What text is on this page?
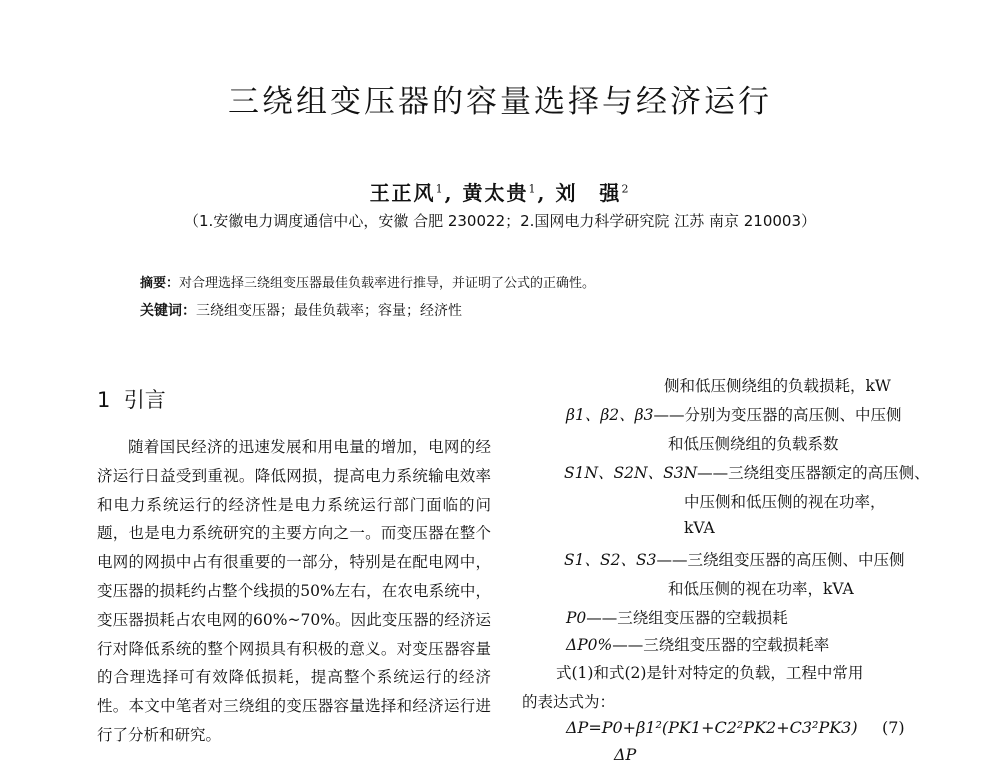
三绕组变压器的容量选择与经济运行
王正风$^1$, 黄太贵$^1$, 刘　强$^2$
（1.安徽电力调度通信中心，安徽 合肥 230022；2.国网电力科学研究院 江苏 南京 210003）
摘要：对合理选择三绕组变压器最佳负载率进行推导，并证明了公式的正确性。
关键词：三绕组变压器；最佳负载率；容量；经济性
1 引言

随着国民经济的迅速发展和用电量的增加，电网的经济运行日益受到重视。降低网损，提高电力系统输电效率和电力系统运行的经济性是电力系统运行部门面临的问题，也是电力系统研究的主要方向之一。而变压器在整个电网的网损中占有很重要的一部分，特别是在配电网中，变压器的损耗约占整个线损的50%左右，在农电系统中，变压器损耗占农电网的60%~70%。因此变压器的经济运行对降低系统的整个网损具有积极的意义。对变压器容量的合理选择可有效降低损耗，提高整个系统运行的经济性。本文中笔者对三绕组的变压器容量选择和经济运行进行了分析和研究。

侧和低压侧绕组的负载损耗，kW
β1、β2、β3——分别为变压器的高压侧、中压侧
和低压侧绕组的负载系数
S1N、S2N、S3N——三绕组变压器额定的高压侧、
中压侧和低压侧的视在功率，
kVA
S1、S2、S3——三绕组变压器的高压侧、中压侧
和低压侧的视在功率，kVA
P0——三绕组变压器的空载损耗
ΔP0%——三绕组变压器的空载损耗率
式(1)和式(2)是针对特定的负载，工程中常用
的表达式为：
ΔP=P0+β1²(PK1+C2²PK2+C3²PK3) (7)
ΔP
